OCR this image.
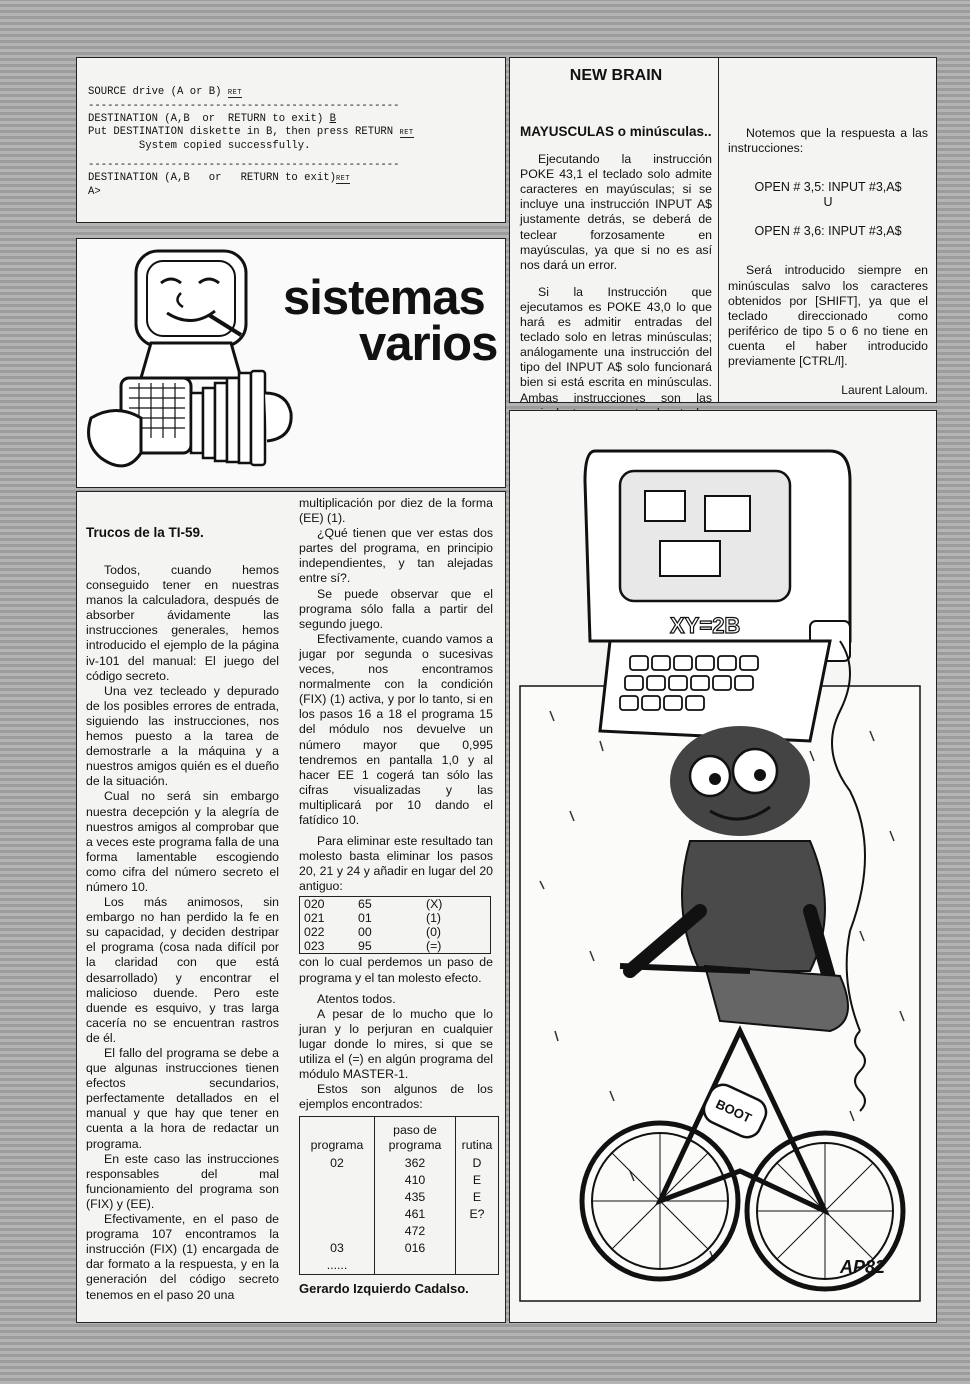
SOURCE drive (A or B) RET
-------------------------------------------------
DESTINATION (A,B  or  RETURN to exit) B
Put DESTINATION diskette in B, then press RETURN RET
System copied successfully.
-------------------------------------------------
DESTINATION (A,B   or   RETURN to exit)RET
A>
sistemas
varios
NEW BRAIN
MAYUSCULAS o minúsculas..

Ejecutando la instrucción POKE 43,1 el teclado solo admite caracteres en mayúsculas; si se incluye una instrucción INPUT A$ justamente detrás, se deberá de teclear forzosamente en mayúsculas, ya que si no es así nos dará un error.

Si la Instrucción que ejecutamos es POKE 43,0 lo que hará es admitir entradas del teclado solo en letras minúsculas; análogamente una instrucción del tipo del INPUT A$ solo funcionará bien si está escrita en minúsculas. Ambas instrucciones son las

Notemos que la respuesta a las instrucciones:

OPEN # 3,5: INPUT #3,A$
U
OPEN # 3,6: INPUT #3,A$

Será introducido siempre en minúsculas salvo los caracteres obtenidos por [SHIFT], ya que el teclado direccionado como periférico de tipo 5 o 6 no tiene en cuenta el haber introducido previamente [CTRL/l].

Laurent Laloum.
Trucos de la TI-59.

Todos, cuando hemos conseguido tener en nuestras manos la calculadora, después de absorber ávidamente las instrucciones generales, hemos introducido el ejemplo de la página iv-101 del manual: El juego del código secreto.

Una vez tecleado y depurado de los posibles errores de entrada, siguiendo las instrucciones, nos hemos puesto a la tarea de demostrarle a la máquina y a nuestros amigos quién es el dueño de la situación.

Cual no será sin embargo nuestra decepción y la alegría de nuestros amigos al comprobar que a veces este programa falla de una forma lamentable escogiendo como cifra del número secreto el número 10.

Los más animosos, sin embargo no han perdido la fe en su capacidad, y deciden destripar el programa (cosa nada difícil por la claridad con que está desarrollado) y encontrar el malicioso duende. Pero este duende es esquivo, y tras larga cacería no se encuentran rastros de él.

El fallo del programa se debe a que algunas instrucciones tienen efectos secundarios, perfectamente detallados en el manual y que hay que tener en cuenta a la hora de redactar un programa.

En este caso las instrucciones responsables del mal funcionamiento del programa son (FIX) y (EE).

Efectivamente, en el paso de programa 107 encontramos la instrucción (FIX) (1) encargada de dar formato a la respuesta, y en la generación del código secreto tenemos en el paso 20 una

multiplicación por diez de la forma (EE) (1).

¿Qué tienen que ver estas dos partes del programa, en principio independientes, y tan alejadas entre sí?.

Se puede observar que el programa sólo falla a partir del segundo juego.

Efectivamente, cuando vamos a jugar por segunda o sucesivas veces, nos encontramos normalmente con la condición (FIX) (1) activa, y por lo tanto, si en los pasos 16 a 18 el programa 15 del módulo nos devuelve un número mayor que 0,995 tendremos en pantalla 1,0 y al hacer EE 1 cogerá tan sólo las cifras visualizadas y las multiplicará por 10 dando el fatídico 10.

Para eliminar este resultado tan molesto basta eliminar los pasos 20, 21 y 24 y añadir en lugar del 20 antiguo:

020	65	(X)
021	01	(1)
022	00	(0)
023	95	(=)

con lo cual perdemos un paso de programa y el tan molesto efecto.

Atentos todos.

A pesar de lo mucho que lo juran y lo perjuran en cualquier lugar donde lo mires, si que se utiliza el (=) en algún programa del módulo MASTER-1.

Estos son algunos de los ejemplos encontrados:

programa	paso de programa	rutina
02	362	D
	410	E
	435	E
	461	E?
	472	
03	016	
......		
Gerardo Izquierdo Cadalso.
XY=2B
BOOT
AP82
